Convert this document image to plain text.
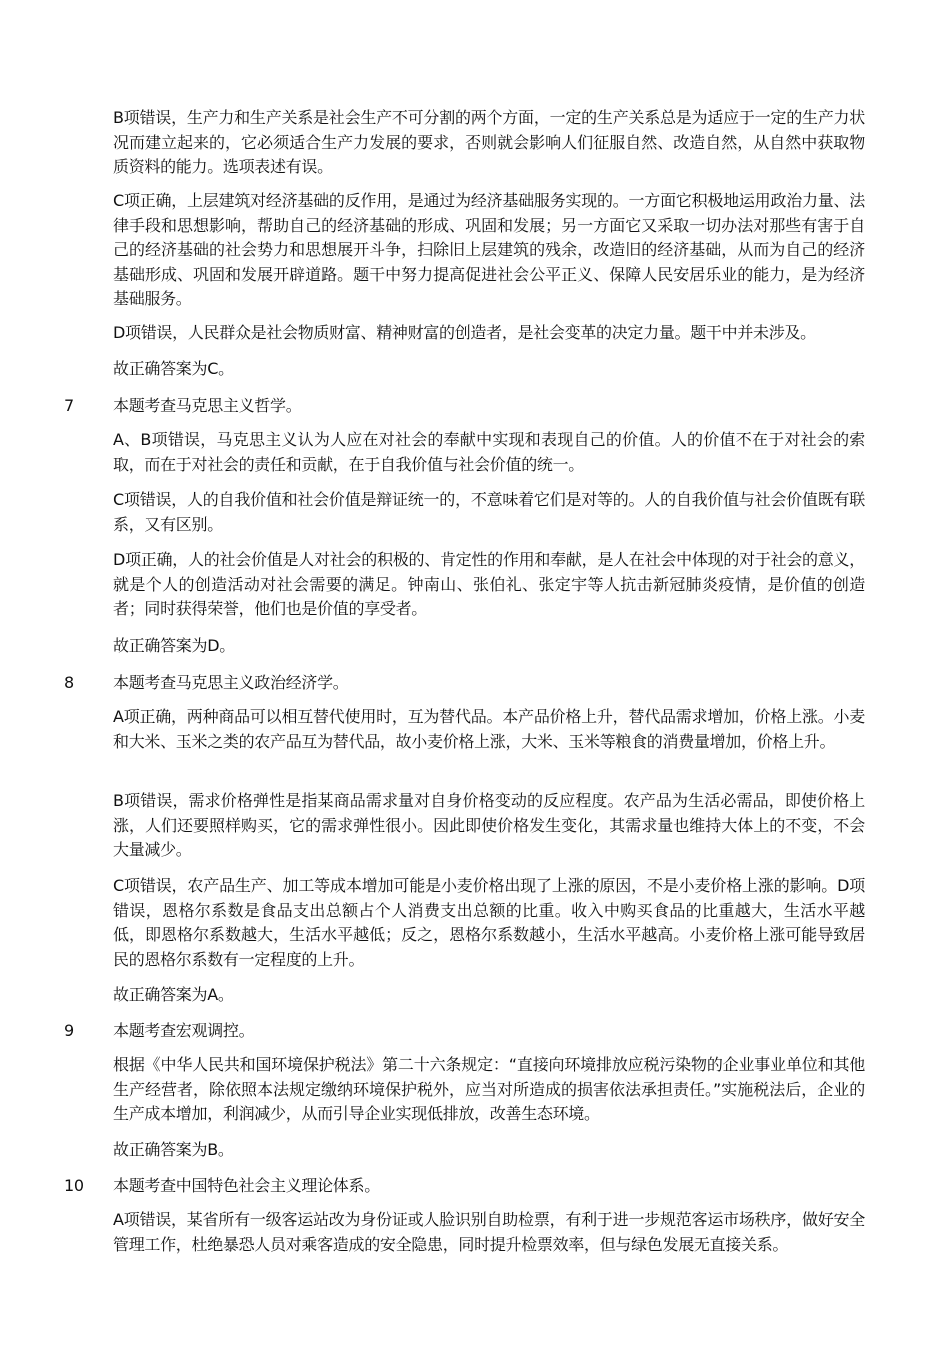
B项错误，生产力和生产关系是社会生产不可分割的两个方面，一定的生产关系总是为适应于一定的生产力状况而建立起来的，它必须适合生产力发展的要求，否则就会影响人们征服自然、改造自然，从自然中获取物质资料的能力。选项表述有误。

C项正确，上层建筑对经济基础的反作用，是通过为经济基础服务实现的。一方面它积极地运用政治力量、法律手段和思想影响，帮助自己的经济基础的形成、巩固和发展；另一方面它又采取一切办法对那些有害于自己的经济基础的社会势力和思想展开斗争，扫除旧上层建筑的残余，改造旧的经济基础，从而为自己的经济基础形成、巩固和发展开辟道路。题干中努力提高促进社会公平正义、保障人民安居乐业的能力，是为经济基础服务。

D项错误，人民群众是社会物质财富、精神财富的创造者，是社会变革的决定力量。题干中并未涉及。

故正确答案为C。

7 本题考查马克思主义哲学。

A、B项错误，马克思主义认为人应在对社会的奉献中实现和表现自己的价值。人的价值不在于对社会的索取，而在于对社会的责任和贡献，在于自我价值与社会价值的统一。

C项错误，人的自我价值和社会价值是辩证统一的，不意味着它们是对等的。人的自我价值与社会价值既有联系，又有区别。

D项正确，人的社会价值是人对社会的积极的、肯定性的作用和奉献，是人在社会中体现的对于社会的意义，就是个人的创造活动对社会需要的满足。钟南山、张伯礼、张定宇等人抗击新冠肺炎疫情，是价值的创造者；同时获得荣誉，他们也是价值的享受者。

故正确答案为D。

8 本题考查马克思主义政治经济学。

A项正确，两种商品可以相互替代使用时，互为替代品。本产品价格上升，替代品需求增加，价格上涨。小麦和大米、玉米之类的农产品互为替代品，故小麦价格上涨，大米、玉米等粮食的消费量增加，价格上升。

B项错误，需求价格弹性是指某商品需求量对自身价格变动的反应程度。农产品为生活必需品，即使价格上涨，人们还要照样购买，它的需求弹性很小。因此即使价格发生变化，其需求量也维持大体上的不变，不会大量减少。

C项错误，农产品生产、加工等成本增加可能是小麦价格出现了上涨的原因，不是小麦价格上涨的影响。D项错误，恩格尔系数是食品支出总额占个人消费支出总额的比重。收入中购买食品的比重越大，生活水平越低，即恩格尔系数越大，生活水平越低；反之，恩格尔系数越小，生活水平越高。小麦价格上涨可能导致居民的恩格尔系数有一定程度的上升。

故正确答案为A。

9 本题考查宏观调控。

根据《中华人民共和国环境保护税法》第二十六条规定：“直接向环境排放应税污染物的企业事业单位和其他生产经营者，除依照本法规定缴纳环境保护税外，应当对所造成的损害依法承担责任。”实施税法后，企业的生产成本增加，利润减少，从而引导企业实现低排放，改善生态环境。

故正确答案为B。

10 本题考查中国特色社会主义理论体系。

A项错误，某省所有一级客运站改为身份证或人脸识别自助检票，有利于进一步规范客运市场秩序，做好安全管理工作，杜绝暴恐人员对乘客造成的安全隐患，同时提升检票效率，但与绿色发展无直接关系。
